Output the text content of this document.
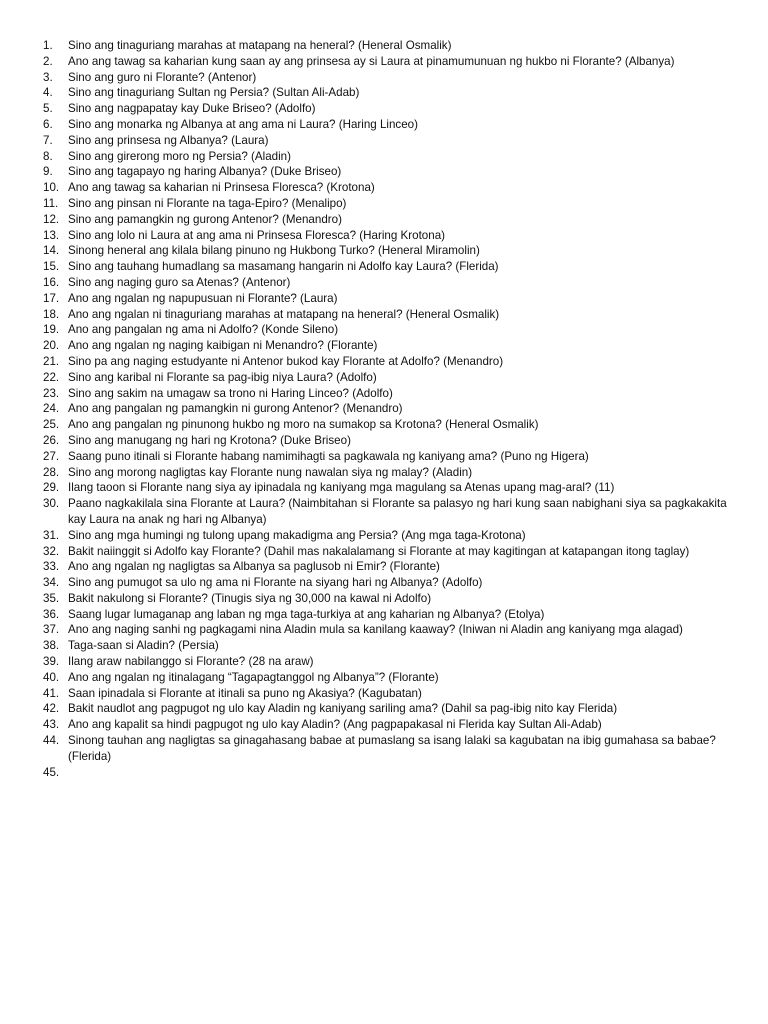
1.	Sino ang tinaguriang marahas at matapang na heneral? (Heneral Osmalik)
2.	Ano ang tawag sa kaharian kung saan ay ang prinsesa ay si Laura at pinamumunuan ng hukbo ni Florante? (Albanya)
3.	Sino ang guro ni Florante? (Antenor)
4.	Sino ang tinaguriang Sultan ng Persia? (Sultan Ali-Adab)
5.	Sino ang nagpapatay kay Duke Briseo? (Adolfo)
6.	Sino ang monarka ng Albanya at ang ama ni Laura? (Haring Linceo)
7.	Sino ang prinsesa ng Albanya? (Laura)
8.	Sino ang girerong moro ng Persia? (Aladin)
9.	Sino ang tagapayo ng haring Albanya? (Duke Briseo)
10. Ano ang tawag sa kaharian ni Prinsesa Floresca? (Krotona)
11. Sino ang pinsan ni Florante na taga-Epiro? (Menalipo)
12. Sino ang pamangkin ng gurong Antenor? (Menandro)
13. Sino ang lolo ni Laura at ang ama ni Prinsesa Floresca? (Haring Krotona)
14. Sinong heneral ang kilala bilang pinuno ng Hukbong Turko? (Heneral Miramolin)
15. Sino ang tauhang humadlang sa masamang hangarin ni Adolfo kay Laura? (Flerida)
16. Sino ang naging guro sa Atenas? (Antenor)
17. Ano ang ngalan ng napupusuan ni Florante? (Laura)
18. Ano ang ngalan ni tinaguriang marahas at matapang na heneral? (Heneral Osmalik)
19. Ano ang pangalan ng ama ni Adolfo? (Konde Sileno)
20. Ano ang ngalan ng naging kaibigan ni Menandro? (Florante)
21. Sino pa ang naging estudyante ni Antenor bukod kay Florante at Adolfo? (Menandro)
22. Sino ang karibal ni Florante sa pag-ibig niya Laura? (Adolfo)
23. Sino ang sakim na umagaw sa trono ni Haring Linceo? (Adolfo)
24. Ano ang pangalan ng pamangkin ni gurong Antenor? (Menandro)
25. Ano ang pangalan ng pinunong hukbo ng moro na sumakop sa Krotona? (Heneral Osmalik)
26. Sino ang manugang ng hari ng Krotona? (Duke Briseo)
27. Saang puno itinali si Florante habang namimihagti sa pagkawala ng kaniyang ama? (Puno ng Higera)
28. Sino ang morong nagligtas kay Florante nung nawalan siya ng malay? (Aladin)
29. Ilang taoon si Florante nang siya ay ipinadala ng kaniyang mga magulang sa Atenas upang mag-aral? (11)
30. Paano nagkakilala sina Florante at Laura? (Naimbitahan si Florante sa palasyo ng hari kung saan nabighani siya sa pagkakakita kay Laura na anak ng hari ng Albanya)
31. Sino ang mga humingi ng tulong upang makadigma ang Persia? (Ang mga taga-Krotona)
32. Bakit naiinggit si Adolfo kay Florante? (Dahil mas nakalalamang si Florante at may kagitingan at katapangan itong taglay)
33. Ano ang ngalan ng nagligtas sa Albanya sa paglusob ni Emir? (Florante)
34. Sino ang pumugot sa ulo ng ama ni Florante na siyang hari ng Albanya? (Adolfo)
35. Bakit nakulong si Florante? (Tinugis siya ng 30,000 na kawal ni Adolfo)
36. Saang lugar lumaganap ang laban ng mga taga-turkiya at ang kaharian ng Albanya? (Etolya)
37. Ano ang naging sanhi ng pagkagami nina Aladin mula sa kanilang kaaway? (Iniwan ni Aladin ang kaniyang mga alagad)
38. Taga-saan si Aladin? (Persia)
39. Ilang araw nabilanggo si Florante? (28 na araw)
40. Ano ang ngalan ng itinalagang “Tagapagtanggol ng Albanya”? (Florante)
41. Saan ipinadala si Florante at itinali sa puno ng Akasiya? (Kagubatan)
42. Bakit naudlot ang pagpugot ng ulo kay Aladin ng kaniyang sariling ama? (Dahil sa pag-ibig nito kay Flerida)
43. Ano ang kapalit sa hindi pagpugot ng ulo kay Aladin? (Ang pagpapakasal ni Flerida kay Sultan Ali-Adab)
44. Sinong tauhan ang nagligtas sa ginagahasang babae at pumaslang sa isang lalaki sa kagubatan na ibig gumahasa sa babae? (Flerida)
45.
